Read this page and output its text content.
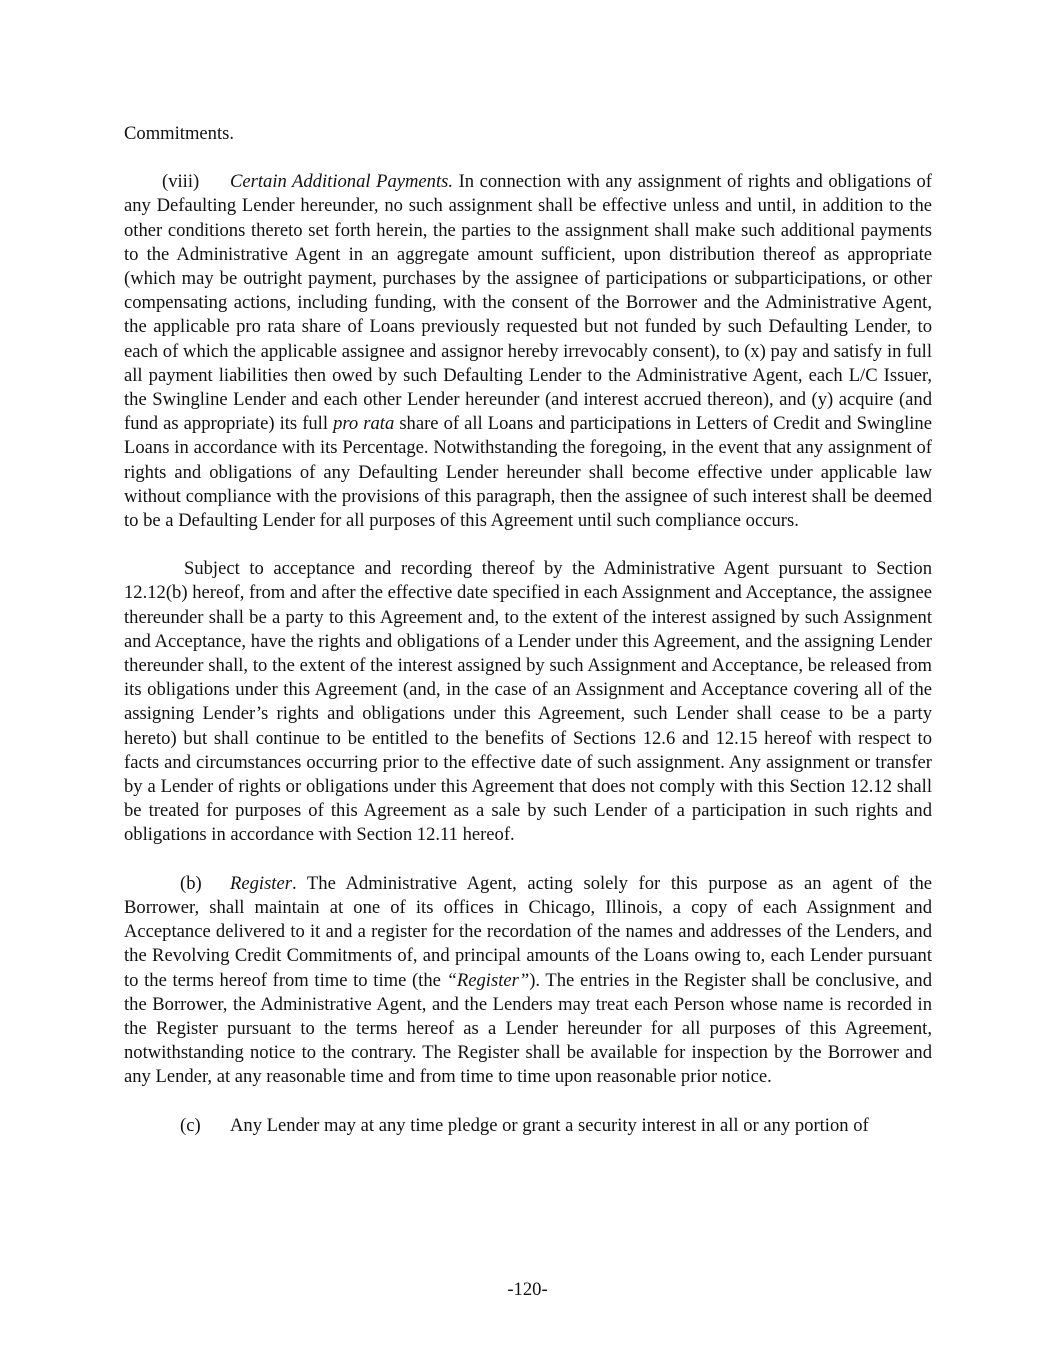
Commitments.

(viii) Certain Additional Payments. In connection with any assignment of rights and obligations of any Defaulting Lender hereunder, no such assignment shall be effective unless and until, in addition to the other conditions thereto set forth herein, the parties to the assignment shall make such additional payments to the Administrative Agent in an aggregate amount sufficient, upon distribution thereof as appropriate (which may be outright payment, purchases by the assignee of participations or subparticipations, or other compensating actions, including funding, with the consent of the Borrower and the Administrative Agent, the applicable pro rata share of Loans previously requested but not funded by such Defaulting Lender, to each of which the applicable assignee and assignor hereby irrevocably consent), to (x) pay and satisfy in full all payment liabilities then owed by such Defaulting Lender to the Administrative Agent, each L/C Issuer, the Swingline Lender and each other Lender hereunder (and interest accrued thereon), and (y) acquire (and fund as appropriate) its full pro rata share of all Loans and participations in Letters of Credit and Swingline Loans in accordance with its Percentage. Notwithstanding the foregoing, in the event that any assignment of rights and obligations of any Defaulting Lender hereunder shall become effective under applicable law without compliance with the provisions of this paragraph, then the assignee of such interest shall be deemed to be a Defaulting Lender for all purposes of this Agreement until such compliance occurs.

Subject to acceptance and recording thereof by the Administrative Agent pursuant to Section 12.12(b) hereof, from and after the effective date specified in each Assignment and Acceptance, the assignee thereunder shall be a party to this Agreement and, to the extent of the interest assigned by such Assignment and Acceptance, have the rights and obligations of a Lender under this Agreement, and the assigning Lender thereunder shall, to the extent of the interest assigned by such Assignment and Acceptance, be released from its obligations under this Agreement (and, in the case of an Assignment and Acceptance covering all of the assigning Lender’s rights and obligations under this Agreement, such Lender shall cease to be a party hereto) but shall continue to be entitled to the benefits of Sections 12.6 and 12.15 hereof with respect to facts and circumstances occurring prior to the effective date of such assignment. Any assignment or transfer by a Lender of rights or obligations under this Agreement that does not comply with this Section 12.12 shall be treated for purposes of this Agreement as a sale by such Lender of a participation in such rights and obligations in accordance with Section 12.11 hereof.

(b) Register. The Administrative Agent, acting solely for this purpose as an agent of the Borrower, shall maintain at one of its offices in Chicago, Illinois, a copy of each Assignment and Acceptance delivered to it and a register for the recordation of the names and addresses of the Lenders, and the Revolving Credit Commitments of, and principal amounts of the Loans owing to, each Lender pursuant to the terms hereof from time to time (the “Register”). The entries in the Register shall be conclusive, and the Borrower, the Administrative Agent, and the Lenders may treat each Person whose name is recorded in the Register pursuant to the terms hereof as a Lender hereunder for all purposes of this Agreement, notwithstanding notice to the contrary. The Register shall be available for inspection by the Borrower and any Lender, at any reasonable time and from time to time upon reasonable prior notice.

(c) Any Lender may at any time pledge or grant a security interest in all or any portion of

-120-
